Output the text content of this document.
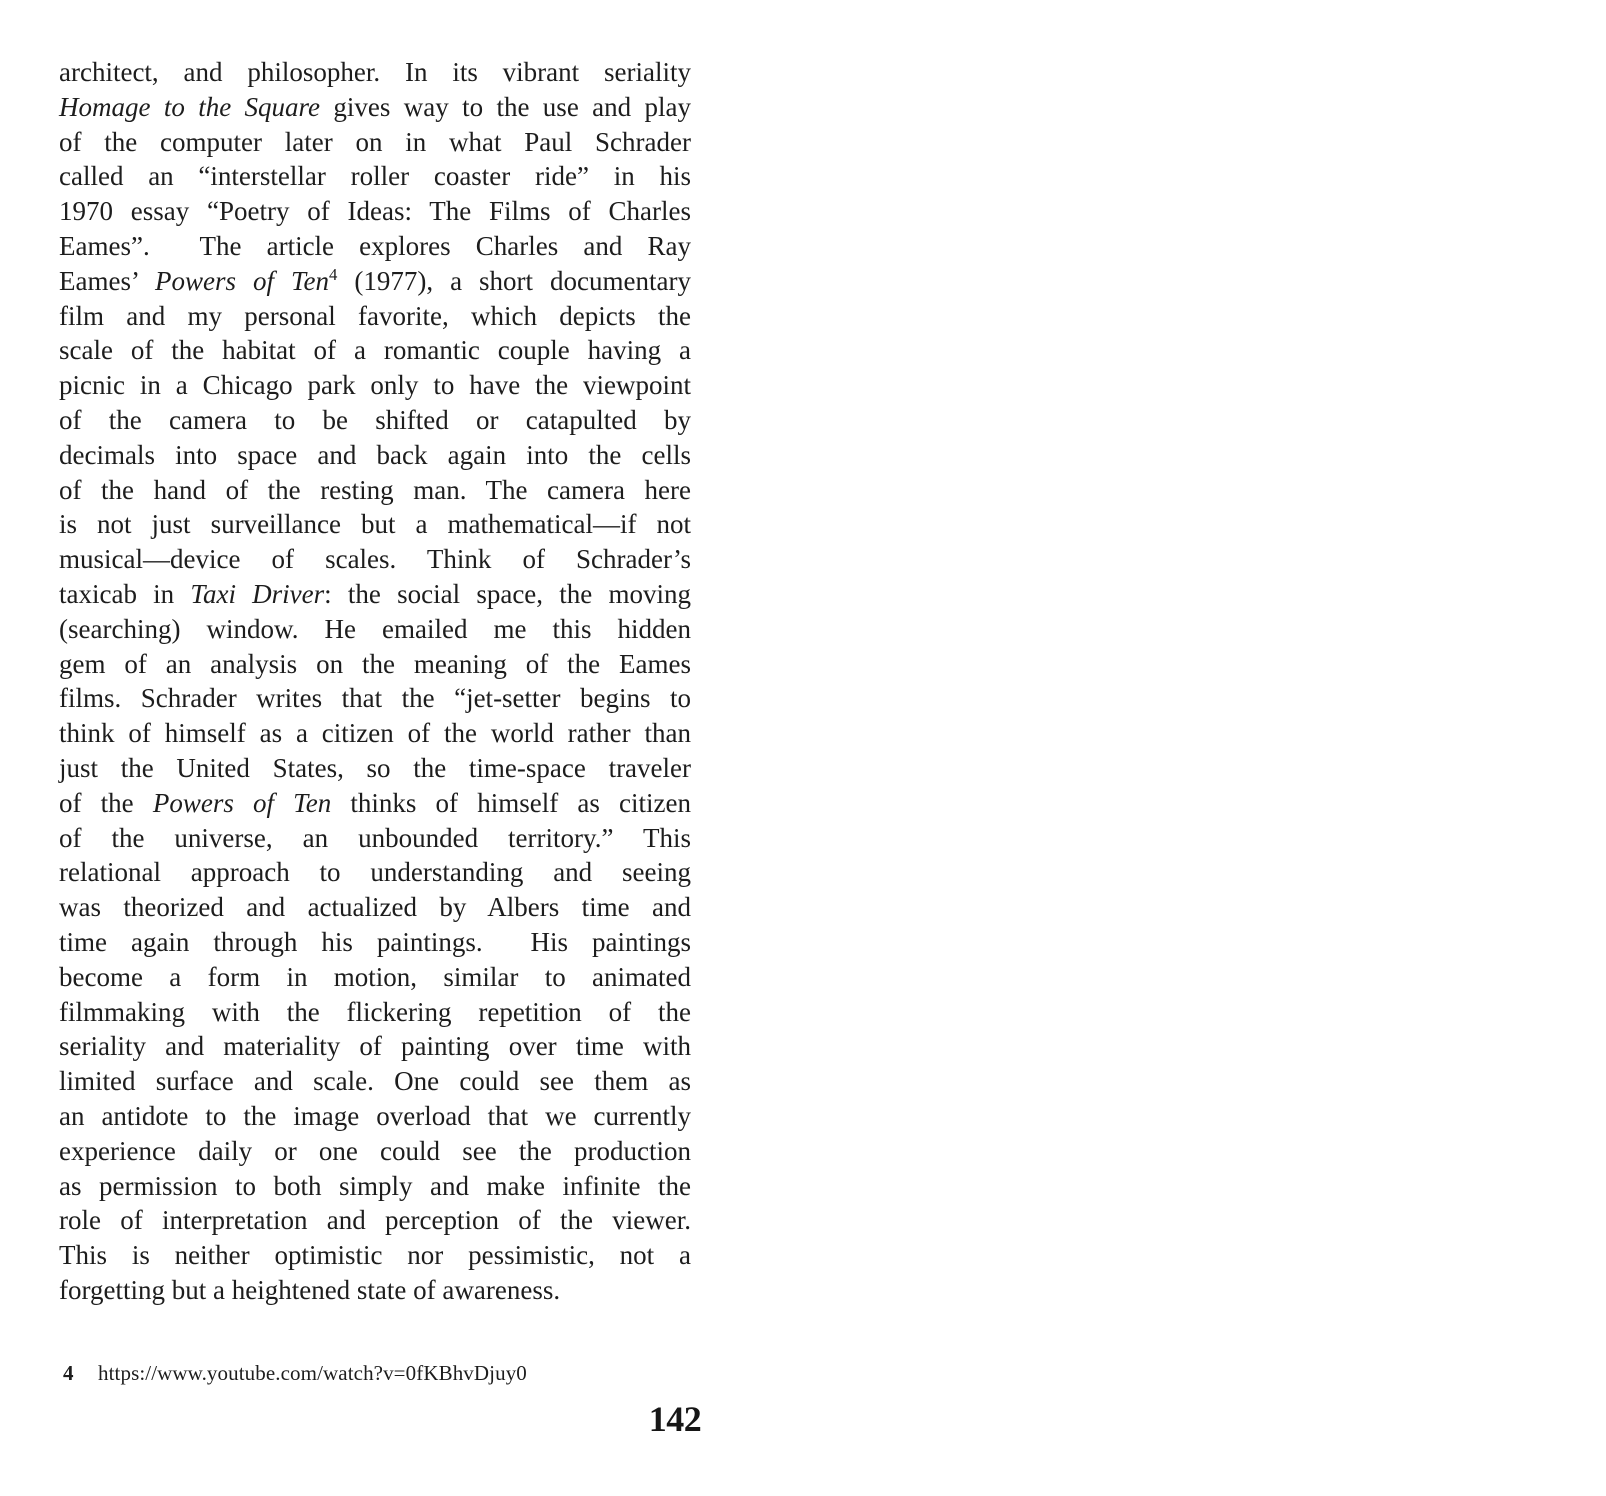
architect, and philosopher. In its vibrant seriality
Homage to the Square gives way to the use and play
of the computer later on in what Paul Schrader
called an “interstellar roller coaster ride” in his
1970 essay “Poetry of Ideas: The Films of Charles
Eames”.  The article explores Charles and Ray
Eames’ Powers of Ten$^4$ (1977), a short documentary
film and my personal favorite, which depicts the
scale of the habitat of a romantic couple having a
picnic in a Chicago park only to have the viewpoint
of the camera to be shifted or catapulted by
decimals into space and back again into the cells
of the hand of the resting man. The camera here
is not just surveillance but a mathematical—if not
musical—device of scales. Think of Schrader’s
taxicab in Taxi Driver: the social space, the moving
(searching) window. He emailed me this hidden
gem of an analysis on the meaning of the Eames
films. Schrader writes that the “jet-setter begins to
think of himself as a citizen of the world rather than
just the United States, so the time-space traveler
of the Powers of Ten thinks of himself as citizen
of the universe, an unbounded territory.” This
relational approach to understanding and seeing
was theorized and actualized by Albers time and
time again through his paintings.  His paintings
become a form in motion, similar to animated
filmmaking with the flickering repetition of the
seriality and materiality of painting over time with
limited surface and scale. One could see them as
an antidote to the image overload that we currently
experience daily or one could see the production
as permission to both simply and make infinite the
role of interpretation and perception of the viewer.
This is neither optimistic nor pessimistic, not a
forgetting but a heightened state of awareness.
4 https://www.youtube.com/watch?v=0fKBhvDjuy0
142
